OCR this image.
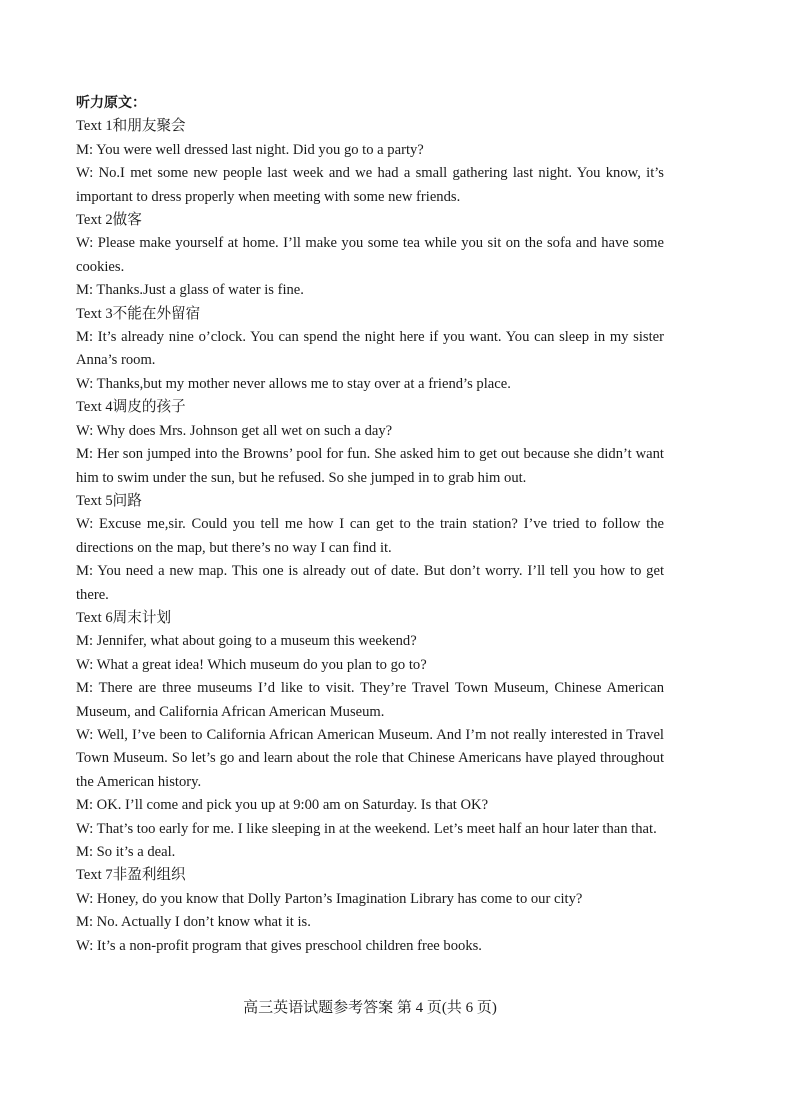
听力原文：

Text 1和朋友聚会

M: You were well dressed last night. Did you go to a party?

W: No.I met some new people last week and we had a small gathering last night. You know, it’s important to dress properly when meeting with some new friends.

Text 2做客

W: Please make yourself at home. I’ll make you some tea while you sit on the sofa and have some cookies.

M: Thanks.Just a glass of water is fine.

Text 3不能在外留宿

M: It’s already nine o’clock. You can spend the night here if you want. You can sleep in my sister Anna’s room.

W: Thanks,but my mother never allows me to stay over at a friend’s place.

Text 4调皮的孩子

W: Why does Mrs. Johnson get all wet on such a day?

M: Her son jumped into the Browns’ pool for fun. She asked him to get out because she didn’t want him to swim under the sun, but he refused. So she jumped in to grab him out.

Text 5问路

W: Excuse me,sir. Could you tell me how I can get to the train station? I’ve tried to follow the directions on the map, but there’s no way I can find it.

M: You need a new map. This one is already out of date. But don’t worry. I’ll tell you how to get there.

Text 6周末计划

M: Jennifer, what about going to a museum this weekend?

W: What a great idea! Which museum do you plan to go to?

M: There are three museums I’d like to visit. They’re Travel Town Museum, Chinese American Museum, and California African American Museum.

W: Well, I’ve been to California African American Museum. And I’m not really interested in Travel Town Museum. So let’s go and learn about the role that Chinese Americans have played throughout the American history.

M: OK. I’ll come and pick you up at 9:00 am on Saturday. Is that OK?

W: That’s too early for me. I like sleeping in at the weekend. Let’s meet half an hour later than that.

M: So it’s a deal.

Text 7非盈利组织

W: Honey, do you know that Dolly Parton’s Imagination Library has come to our city?

M: No. Actually I don’t know what it is.

W: It’s a non-profit program that gives preschool children free books.

高三英语试题参考答案 第 4 页(共 6 页)
